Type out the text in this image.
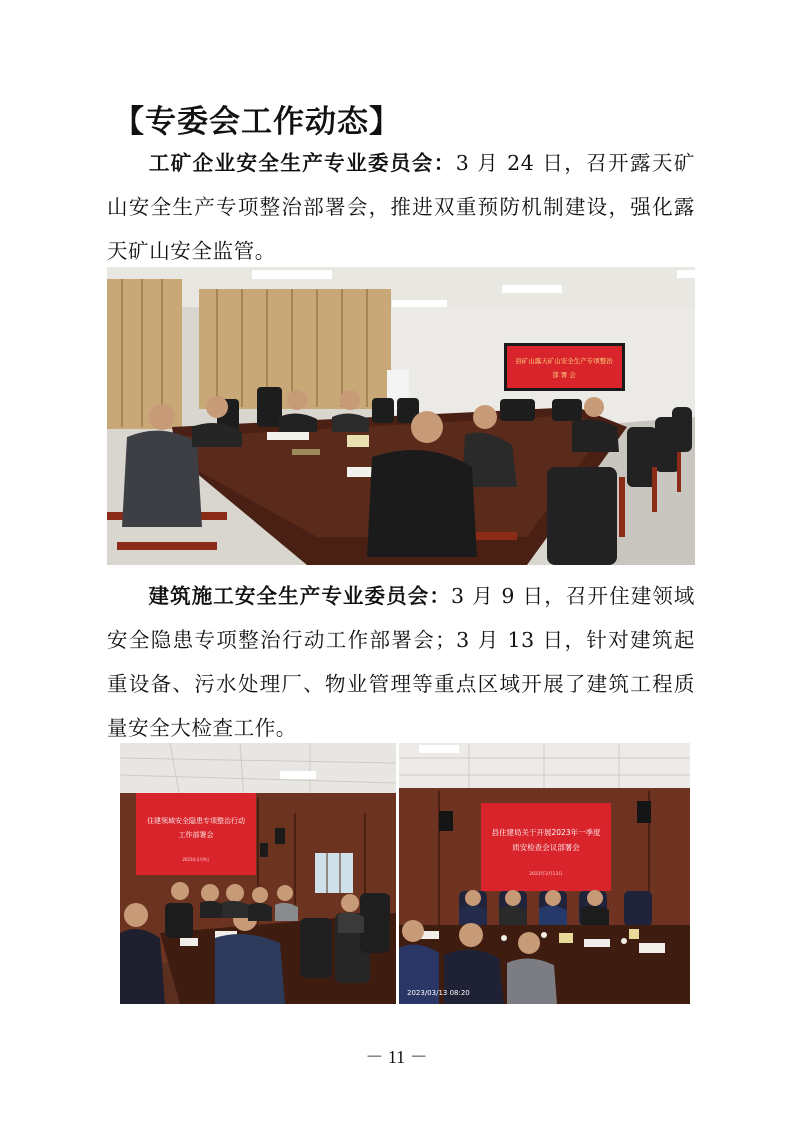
【专委会工作动态】
工矿企业安全生产专业委员会：3 月 24 日，召开露天矿山安全生产专项整治部署会，推进双重预防机制建设，强化露天矿山安全监管。
县矿山露天矿山安全生产专项整治
部 署 会
建筑施工安全生产专业委员会：3 月 9 日，召开住建领域安全隐患专项整治行动工作部署会；3 月 13 日，针对建筑起重设备、污水处理厂、物业管理等重点区域开展了建筑工程质量安全大检查工作。
住建领域安全隐患专项整治行动
工作部署会
2023年3月9日
县住建局关于开展2023年一季度
质安检查会议部署会
2023年3月13日
2023/03/13 08:20
－ 11 －
